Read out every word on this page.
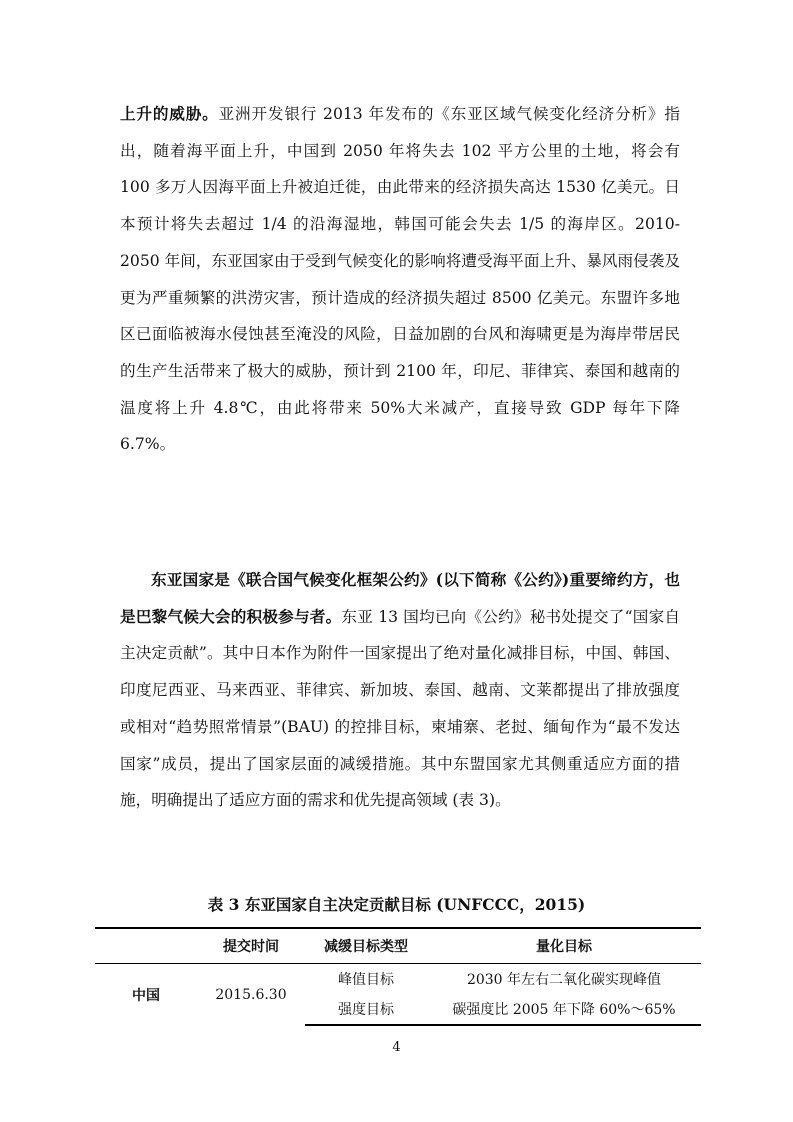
上升的威胁。亚洲开发银行 2013 年发布的《东亚区域气候变化经济分析》指出，随着海平面上升，中国到 2050 年将失去 102 平方公里的土地，将会有 100 多万人因海平面上升被迫迁徙，由此带来的经济损失高达 1530 亿美元。日本预计将失去超过 1/4 的沿海湿地，韩国可能会失去 1/5 的海岸区。2010-2050 年间，东亚国家由于受到气候变化的影响将遭受海平面上升、暴风雨侵袭及更为严重频繁的洪涝灾害，预计造成的经济损失超过 8500 亿美元。东盟许多地区已面临被海水侵蚀甚至淹没的风险，日益加剧的台风和海啸更是为海岸带居民的生产生活带来了极大的威胁，预计到 2100 年，印尼、菲律宾、泰国和越南的温度将上升 4.8℃，由此将带来 50%大米减产，直接导致 GDP 每年下降 6.7%。

东亚国家是《联合国气候变化框架公约》(以下简称《公约》)重要缔约方，也是巴黎气候大会的积极参与者。东亚 13 国均已向《公约》秘书处提交了“国家自主决定贡献”。其中日本作为附件一国家提出了绝对量化减排目标，中国、韩国、印度尼西亚、马来西亚、菲律宾、新加坡、泰国、越南、文莱都提出了排放强度或相对“趋势照常情景”(BAU) 的控排目标，柬埔寨、老挝、缅甸作为“最不发达国家”成员，提出了国家层面的减缓措施。其中东盟国家尤其侧重适应方面的措施，明确提出了适应方面的需求和优先提高领域 (表 3)。

表 3 东亚国家自主决定贡献目标 (UNFCCC，2015)

	提交时间	减缓目标类型	量化目标
中国	2015.6.30	峰值目标	2030 年左右二氧化碳实现峰值
		强度目标	碳强度比 2005 年下降 60%～65%

4
